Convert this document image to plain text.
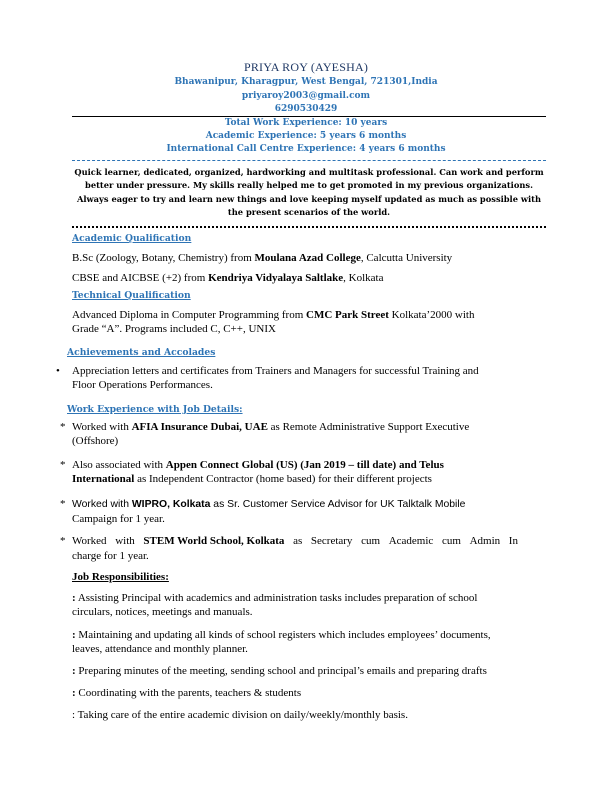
PRIYA ROY (AYESHA)
Bhawanipur, Kharagpur, West Bengal, 721301,India
priyaroy2003@gmail.com
6290530429
Total Work Experience: 10 years
Academic Experience: 5 years 6 months
International Call Centre Experience: 4 years 6 months
Quick learner, dedicated, organized, hardworking and multitask professional. Can work and perform better under pressure. My skills really helped me to get promoted in my previous organizations. Always eager to try and learn new things and love keeping myself updated as much as possible with the present scenarios of the world.
Academic Qualification
B.Sc (Zoology, Botany, Chemistry) from Moulana Azad College, Calcutta University
CBSE and AICBSE (+2) from Kendriya Vidyalaya Saltlake, Kolkata
Technical Qualification
Advanced Diploma in Computer Programming from CMC Park Street Kolkata’2000 with
Grade “A”. Programs included C, C++, UNIX
Achievements and Accolades
• Appreciation letters and certificates from Trainers and Managers for successful Training and
Floor Operations Performances.
Work Experience with Job Details:
* Worked with AFIA Insurance Dubai, UAE as Remote Administrative Support Executive
(Offshore)
* Also associated with Appen Connect Global (US) (Jan 2019 – till date) and Telus
International as Independent Contractor (home based) for their different projects
* Worked with WIPRO, Kolkata as Sr. Customer Service Advisor for UK Talktalk Mobile
Campaign for 1 year.
* Worked with STEM World School, Kolkata as Secretary cum Academic cum Admin In
charge for 1 year.
Job Responsibilities:
: Assisting Principal with academics and administration tasks includes preparation of school
circulars, notices, meetings and manuals.
: Maintaining and updating all kinds of school registers which includes employees’ documents,
leaves, attendance and monthly planner.
: Preparing minutes of the meeting, sending school and principal’s emails and preparing drafts
: Coordinating with the parents, teachers & students
: Taking care of the entire academic division on daily/weekly/monthly basis.
